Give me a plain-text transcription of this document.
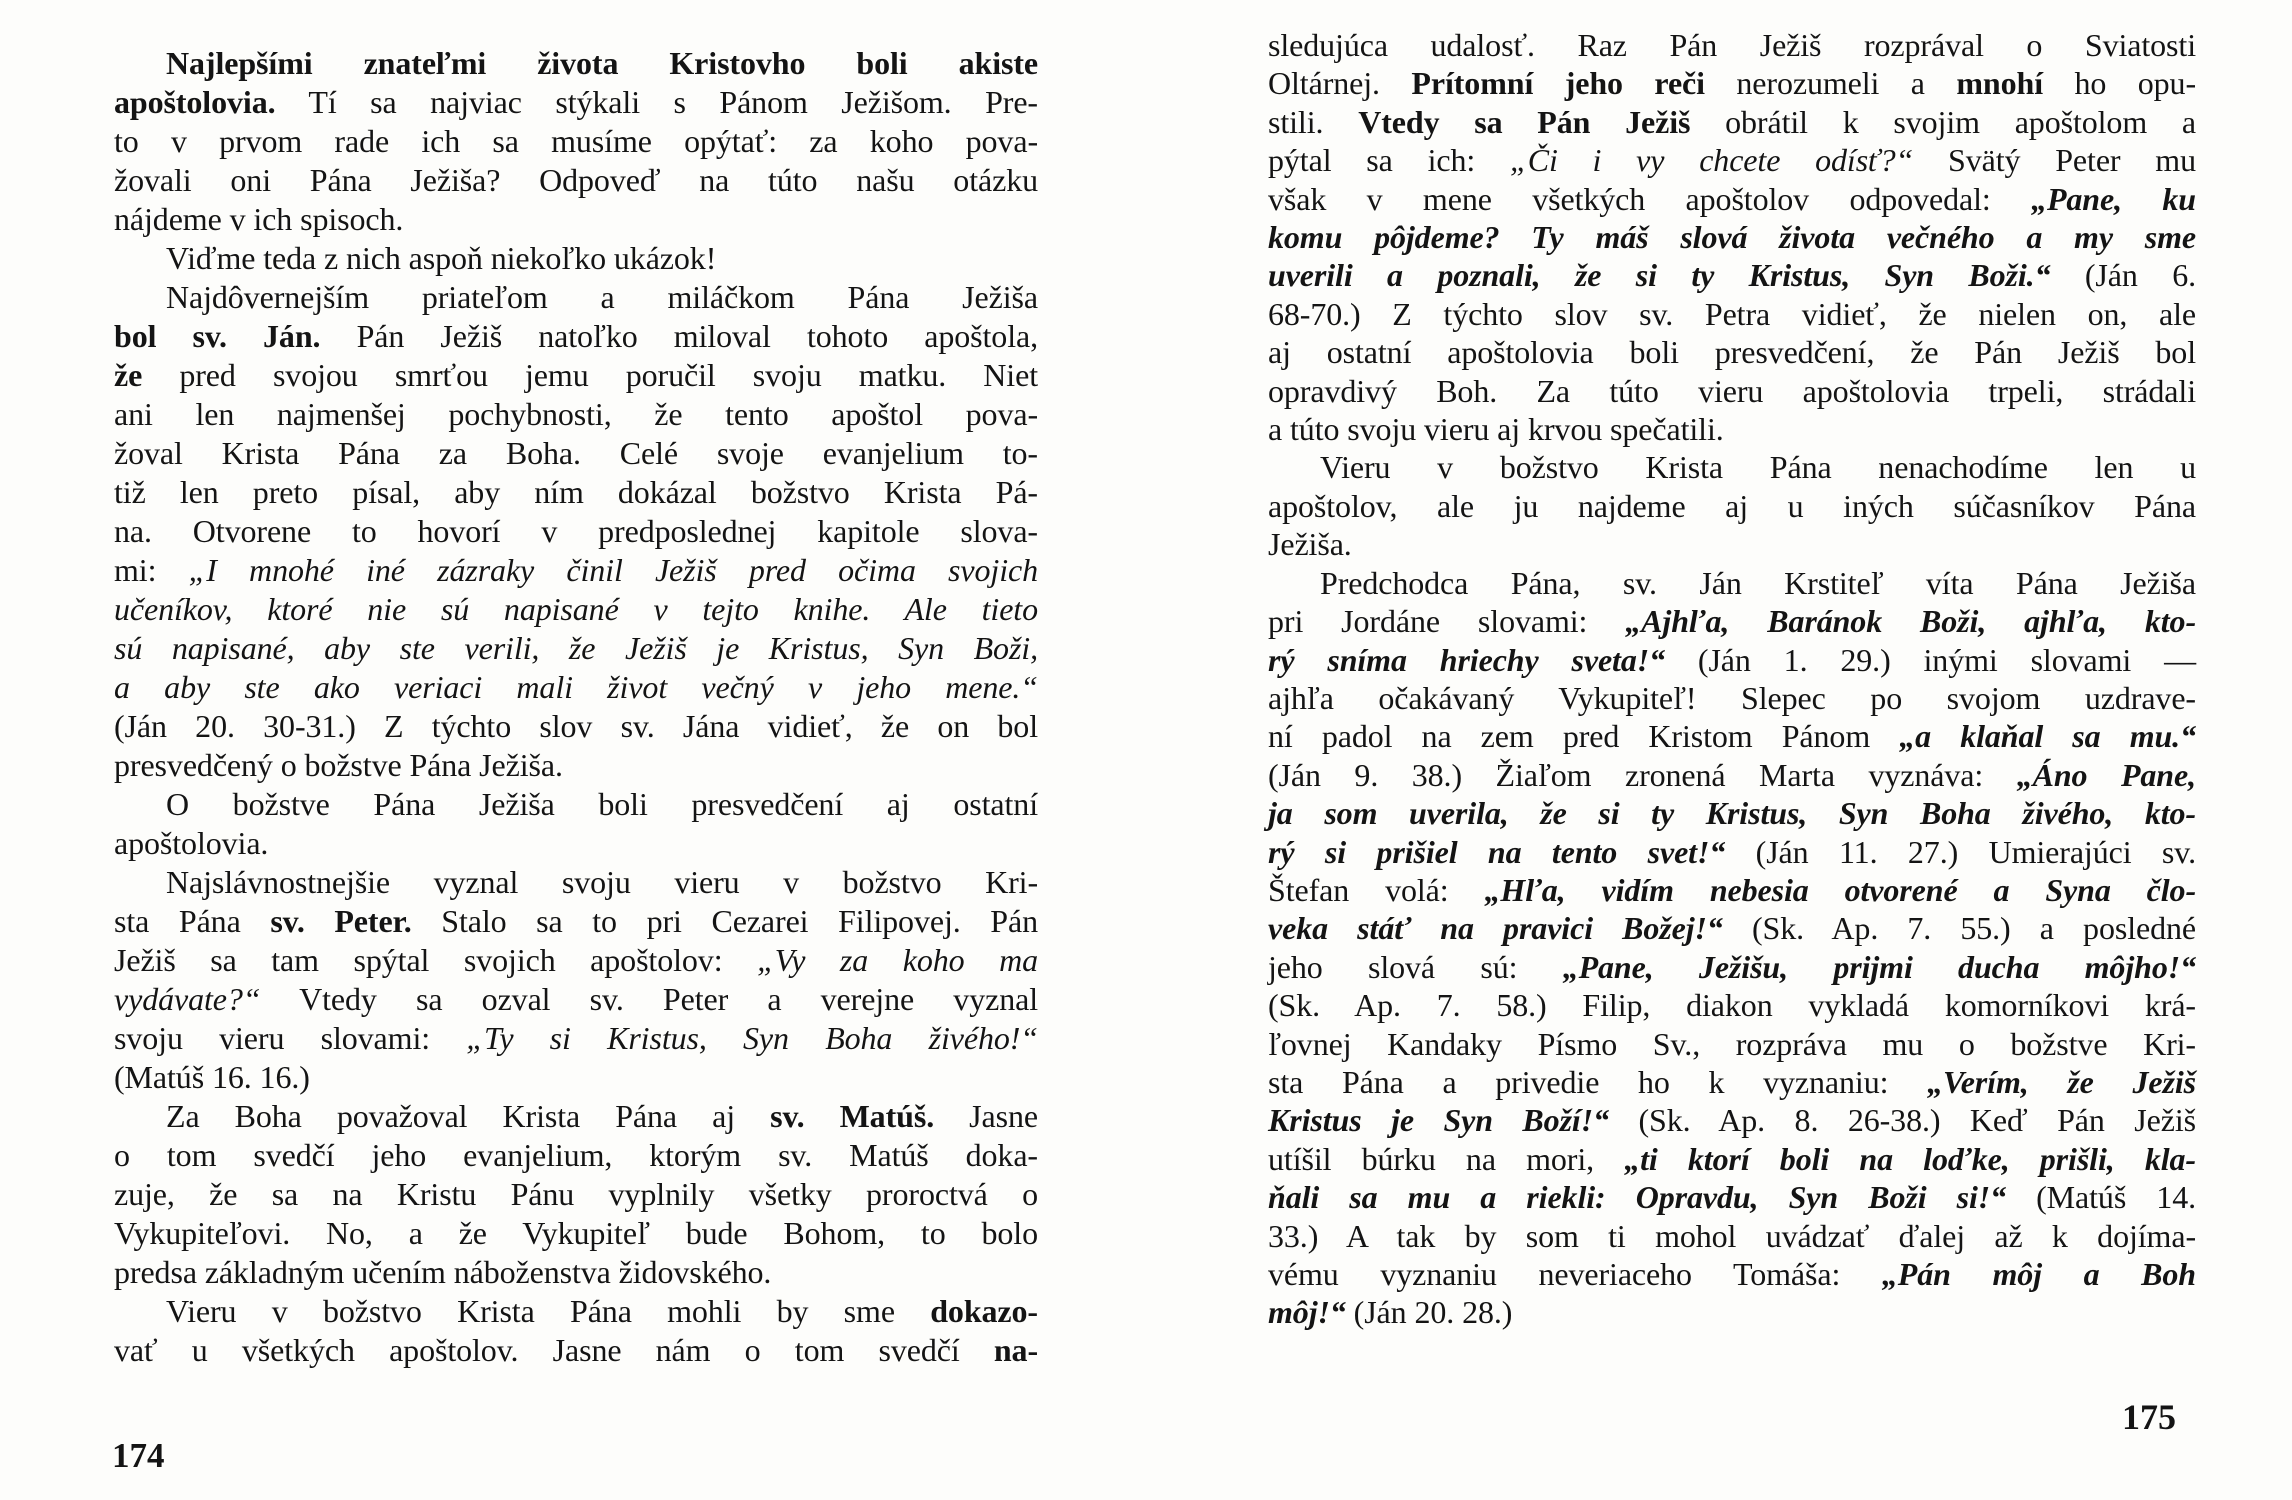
Najlepšími znateľmi života Kristovho boli akiste
apoštolovia. Tí sa najviac stýkali s Pánom Ježišom. Pre-
to v prvom rade ich sa musíme opýtať: za koho pova-
žovali oni Pána Ježiša? Odpoveď na túto našu otázku
nájdeme v ich spisoch.
Viďme teda z nich aspoň niekoľko ukázok!
Najdôvernejším priateľom a miláčkom Pána Ježiša
bol sv. Ján. Pán Ježiš natoľko miloval tohoto apoštola,
že pred svojou smrťou jemu poručil svoju matku. Niet
ani len najmenšej pochybnosti, že tento apoštol pova-
žoval Krista Pána za Boha. Celé svoje evanjelium to-
tiž len preto písal, aby ním dokázal božstvo Krista Pá-
na. Otvorene to hovorí v predposlednej kapitole slova-
mi: „I mnohé iné zázraky činil Ježiš pred očima svojich
učeníkov, ktoré nie sú napisané v tejto knihe. Ale tieto
sú napisané, aby ste verili, že Ježiš je Kristus, Syn Boži,
a aby ste ako veriaci mali život večný v jeho mene.“
(Ján 20. 30-31.) Z týchto slov sv. Jána vidieť, že on bol
presvedčený o božstve Pána Ježiša.
O božstve Pána Ježiša boli presvedčení aj ostatní
apoštolovia.
Najslávnostnejšie vyznal svoju vieru v božstvo Kri-
sta Pána sv. Peter. Stalo sa to pri Cezarei Filipovej. Pán
Ježiš sa tam spýtal svojich apoštolov: „Vy za koho ma
vydávate?“ Vtedy sa ozval sv. Peter a verejne vyznal
svoju vieru slovami: „Ty si Kristus, Syn Boha živého!“
(Matúš 16. 16.)
Za Boha považoval Krista Pána aj sv. Matúš. Jasne
o tom svedčí jeho evanjelium, ktorým sv. Matúš doka-
zuje, že sa na Kristu Pánu vyplnily všetky proroctvá o
Vykupiteľovi. No, a že Vykupiteľ bude Bohom, to bolo
predsa základným učením náboženstva židovského.
Vieru v božstvo Krista Pána mohli by sme dokazo-
vať u všetkých apoštolov. Jasne nám o tom svedčí na-
sledujúca udalosť. Raz Pán Ježiš rozprával o Sviatosti
Oltárnej. Prítomní jeho reči nerozumeli a mnohí ho opu-
stili. Vtedy sa Pán Ježiš obrátil k svojim apoštolom a
pýtal sa ich: „Či i vy chcete odísť?“ Svätý Peter mu
však v mene všetkých apoštolov odpovedal: „Pane, ku
komu pôjdeme? Ty máš slová života večného a my sme
uverili a poznali, že si ty Kristus, Syn Boži.“ (Ján 6.
68-70.) Z týchto slov sv. Petra vidieť, že nielen on, ale
aj ostatní apoštolovia boli presvedčení, že Pán Ježiš bol
opravdivý Boh. Za túto vieru apoštolovia trpeli, strádali
a túto svoju vieru aj krvou spečatili.
Vieru v božstvo Krista Pána nenachodíme len u
apoštolov, ale ju najdeme aj u iných súčasníkov Pána
Ježiša.
Predchodca Pána, sv. Ján Krstiteľ víta Pána Ježiša
pri Jordáne slovami: „Ajhľa, Baránok Boži, ajhľa, kto-
rý sníma hriechy sveta!“ (Ján 1. 29.) inými slovami —
ajhľa očakávaný Vykupiteľ! Slepec po svojom uzdrave-
ní padol na zem pred Kristom Pánom „a klaňal sa mu.“
(Ján 9. 38.) Žiaľom zronená Marta vyznáva: „Áno Pane,
ja som uverila, že si ty Kristus, Syn Boha živého, kto-
rý si prišiel na tento svet!“ (Ján 11. 27.) Umierajúci sv.
Štefan volá: „Hľa, vidím nebesia otvorené a Syna člo-
veka stáť na pravici Božej!“ (Sk. Ap. 7. 55.) a posledné
jeho slová sú: „Pane, Ježišu, prijmi ducha môjho!“
(Sk. Ap. 7. 58.) Filip, diakon vykladá komorníkovi krá-
ľovnej Kandaky Písmo Sv., rozpráva mu o božstve Kri-
sta Pána a privedie ho k vyznaniu: „Verím, že Ježiš
Kristus je Syn Boží!“ (Sk. Ap. 8. 26-38.) Keď Pán Ježiš
utíšil búrku na mori, „ti ktorí boli na loďke, prišli, kla-
ňali sa mu a riekli: Opravdu, Syn Boži si!“ (Matúš 14.
33.) A tak by som ti mohol uvádzať ďalej až k dojíma-
vému vyznaniu neveriaceho Tomáša: „Pán môj a Boh
môj!“ (Ján 20. 28.)
174
175
